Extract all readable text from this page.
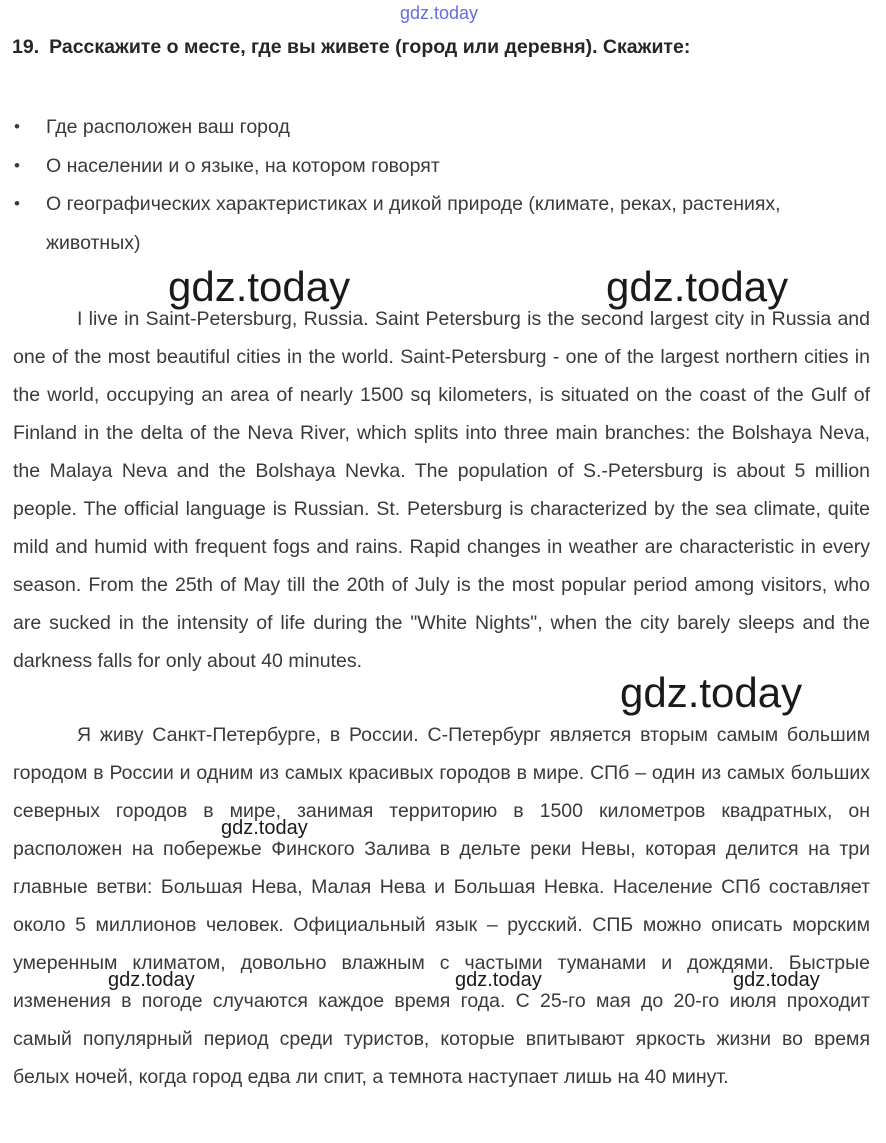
gdz.today
19. Расскажите о месте, где вы живете (город или деревня). Скажите:
• Где расположен ваш город
• О населении и о языке, на котором говорят
• О географических характеристиках и дикой природе (климате, реках, растениях, животных)

I live in Saint-Petersburg, Russia. Saint Petersburg is the second largest city in Russia and one of the most beautiful cities in the world. Saint-Petersburg - one of the largest northern cities in the world, occupying an area of nearly 1500 sq kilometers, is situated on the coast of the Gulf of Finland in the delta of the Neva River, which splits into three main branches: the Bolshaya Neva, the Malaya Neva and the Bolshaya Nevka. The population of S.-Petersburg is about 5 million people. The official language is Russian. St. Petersburg is characterized by the sea climate, quite mild and humid with frequent fogs and rains. Rapid changes in weather are characteristic in every season. From the 25th of May till the 20th of July is the most popular period among visitors, who are sucked in the intensity of life during the "White Nights", when the city barely sleeps and the darkness falls for only about 40 minutes.

Я живу Санкт-Петербурге, в России. С-Петербург является вторым самым большим городом в России и одним из самых красивых городов в мире. СПб – один из самых больших северных городов в мире, занимая территорию в 1500 километров квадратных, он расположен на побережье Финского Залива в дельте реки Невы, которая делится на три главные ветви: Большая Нева, Малая Нева и Большая Невка. Население СПб составляет около 5 миллионов человек. Официальный язык – русский. СПБ можно описать морским умеренным климатом, довольно влажным с частыми туманами и дождями. Быстрые изменения в погоде случаются каждое время года. С 25-го мая до 20-го июля проходит самый популярный период среди туристов, которые впитывают яркость жизни во время белых ночей, когда город едва ли спит, а темнота наступает лишь на 40 минут.

gdz.today	gdz.today
gdz.today
gdz.today
gdz.today	gdz.today	gdz.today
